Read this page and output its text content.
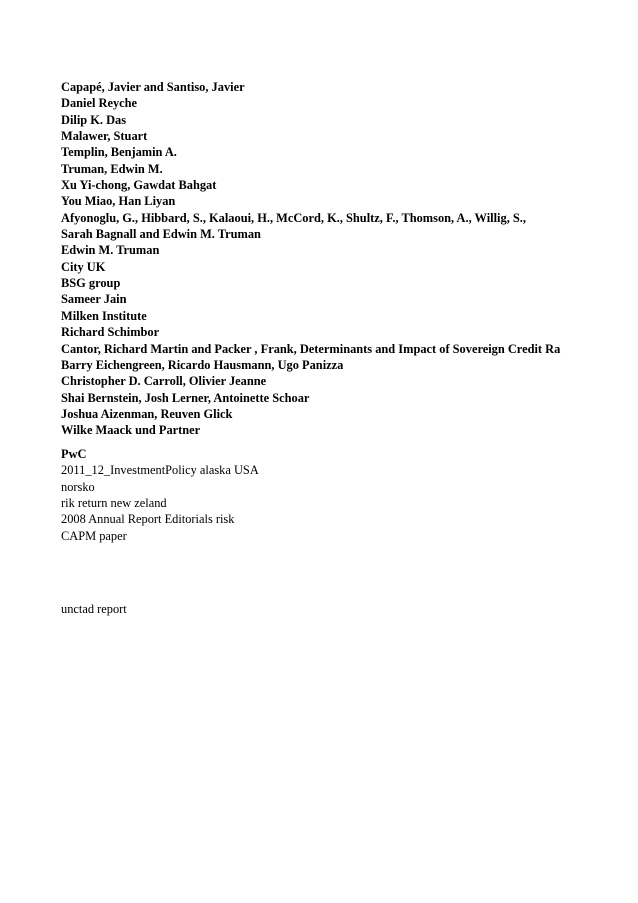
Capapé, Javier and Santiso, Javier
Daniel Reyche
Dilip K. Das
Malawer, Stuart
Templin, Benjamin A.
Truman, Edwin M.
Xu Yi-chong, Gawdat Bahgat
You Miao, Han Liyan
Afyonoglu, G., Hibbard, S., Kalaoui, H., McCord, K., Shultz, F., Thomson, A., Willig, S.,
Sarah Bagnall and Edwin M. Truman
Edwin M. Truman
City UK
BSG group
Sameer Jain
Milken Institute
Richard Schimbor
Cantor, Richard Martin and Packer , Frank, Determinants and Impact of Sovereign Credit Ra
Barry Eichengreen, Ricardo Hausmann, Ugo Panizza
Christopher D. Carroll, Olivier Jeanne
Shai Bernstein, Josh Lerner, Antoinette Schoar
Joshua Aizenman, Reuven Glick
Wilke Maack und Partner
PwC
2011_12_InvestmentPolicy alaska USA
norsko
rik return new zeland
2008 Annual Report Editorials risk
CAPM paper
unctad report
